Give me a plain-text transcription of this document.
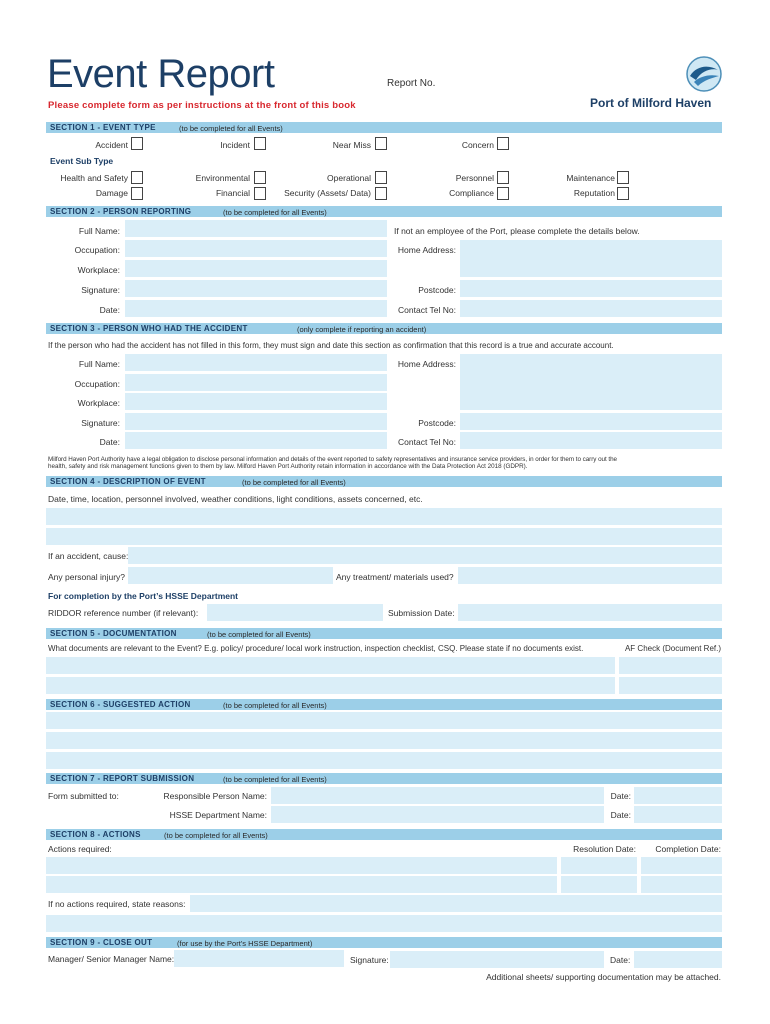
Event Report	Report No.
Please complete form as per instructions at the front of this book	Port of Milford Haven
SECTION 1 - EVENT TYPE	(to be completed for all Events)
Accident	Incident	Near Miss	Concern
Event Sub Type
Health and Safety	Environmental	Operational	Personnel	Maintenance
Damage	Financial	Security (Assets/ Data)	Compliance	Reputation
SECTION 2 - PERSON REPORTING	(to be completed for all Events)
Full Name:	If not an employee of the Port, please complete the details below.
Occupation:	Home Address:
Workplace:
Signature:	Postcode:
Date:	Contact Tel No:
SECTION 3 - PERSON WHO HAD THE ACCIDENT	(only complete if reporting an accident)
If the person who had the accident has not filled in this form, they must sign and date this section as confirmation that this record is a true and accurate account.
Full Name:	Home Address:
Occupation:
Workplace:
Signature:	Postcode:
Date:	Contact Tel No:
Milford Haven Port Authority have a legal obligation to disclose personal information and details of the event reported to safety representatives and insurance service providers, in order for them to carry out the
health, safety and risk management functions given to them by law. Milford Haven Port Authority retain information in accordance with the Data Protection Act 2018 (GDPR).
SECTION 4 - DESCRIPTION OF EVENT	(to be completed for all Events)
Date, time, location, personnel involved, weather conditions, light conditions, assets concerned, etc.
If an accident, cause:
Any personal injury?	Any treatment/ materials used?
For completion by the Port’s HSSE Department
RIDDOR reference number (if relevant):	Submission Date:
SECTION 5 - DOCUMENTATION	(to be completed for all Events)
What documents are relevant to the Event? E.g. policy/ procedure/ local work instruction, inspection checklist, CSQ. Please state if no documents exist.	AF Check (Document Ref.)
SECTION 6 - SUGGESTED ACTION	(to be completed for all Events)
SECTION 7 - REPORT SUBMISSION	(to be completed for all Events)
Form submitted to:	Responsible Person Name:	Date:
HSSE Department Name:	Date:
SECTION 8 - ACTIONS	(to be completed for all Events)
Actions required:	Resolution Date: Completion Date:
If no actions required, state reasons:
SECTION 9 - CLOSE OUT	(for use by the Port’s HSSE Department)
Manager/ Senior Manager Name:	Signature:	Date:
Additional sheets/ supporting documentation may be attached.
